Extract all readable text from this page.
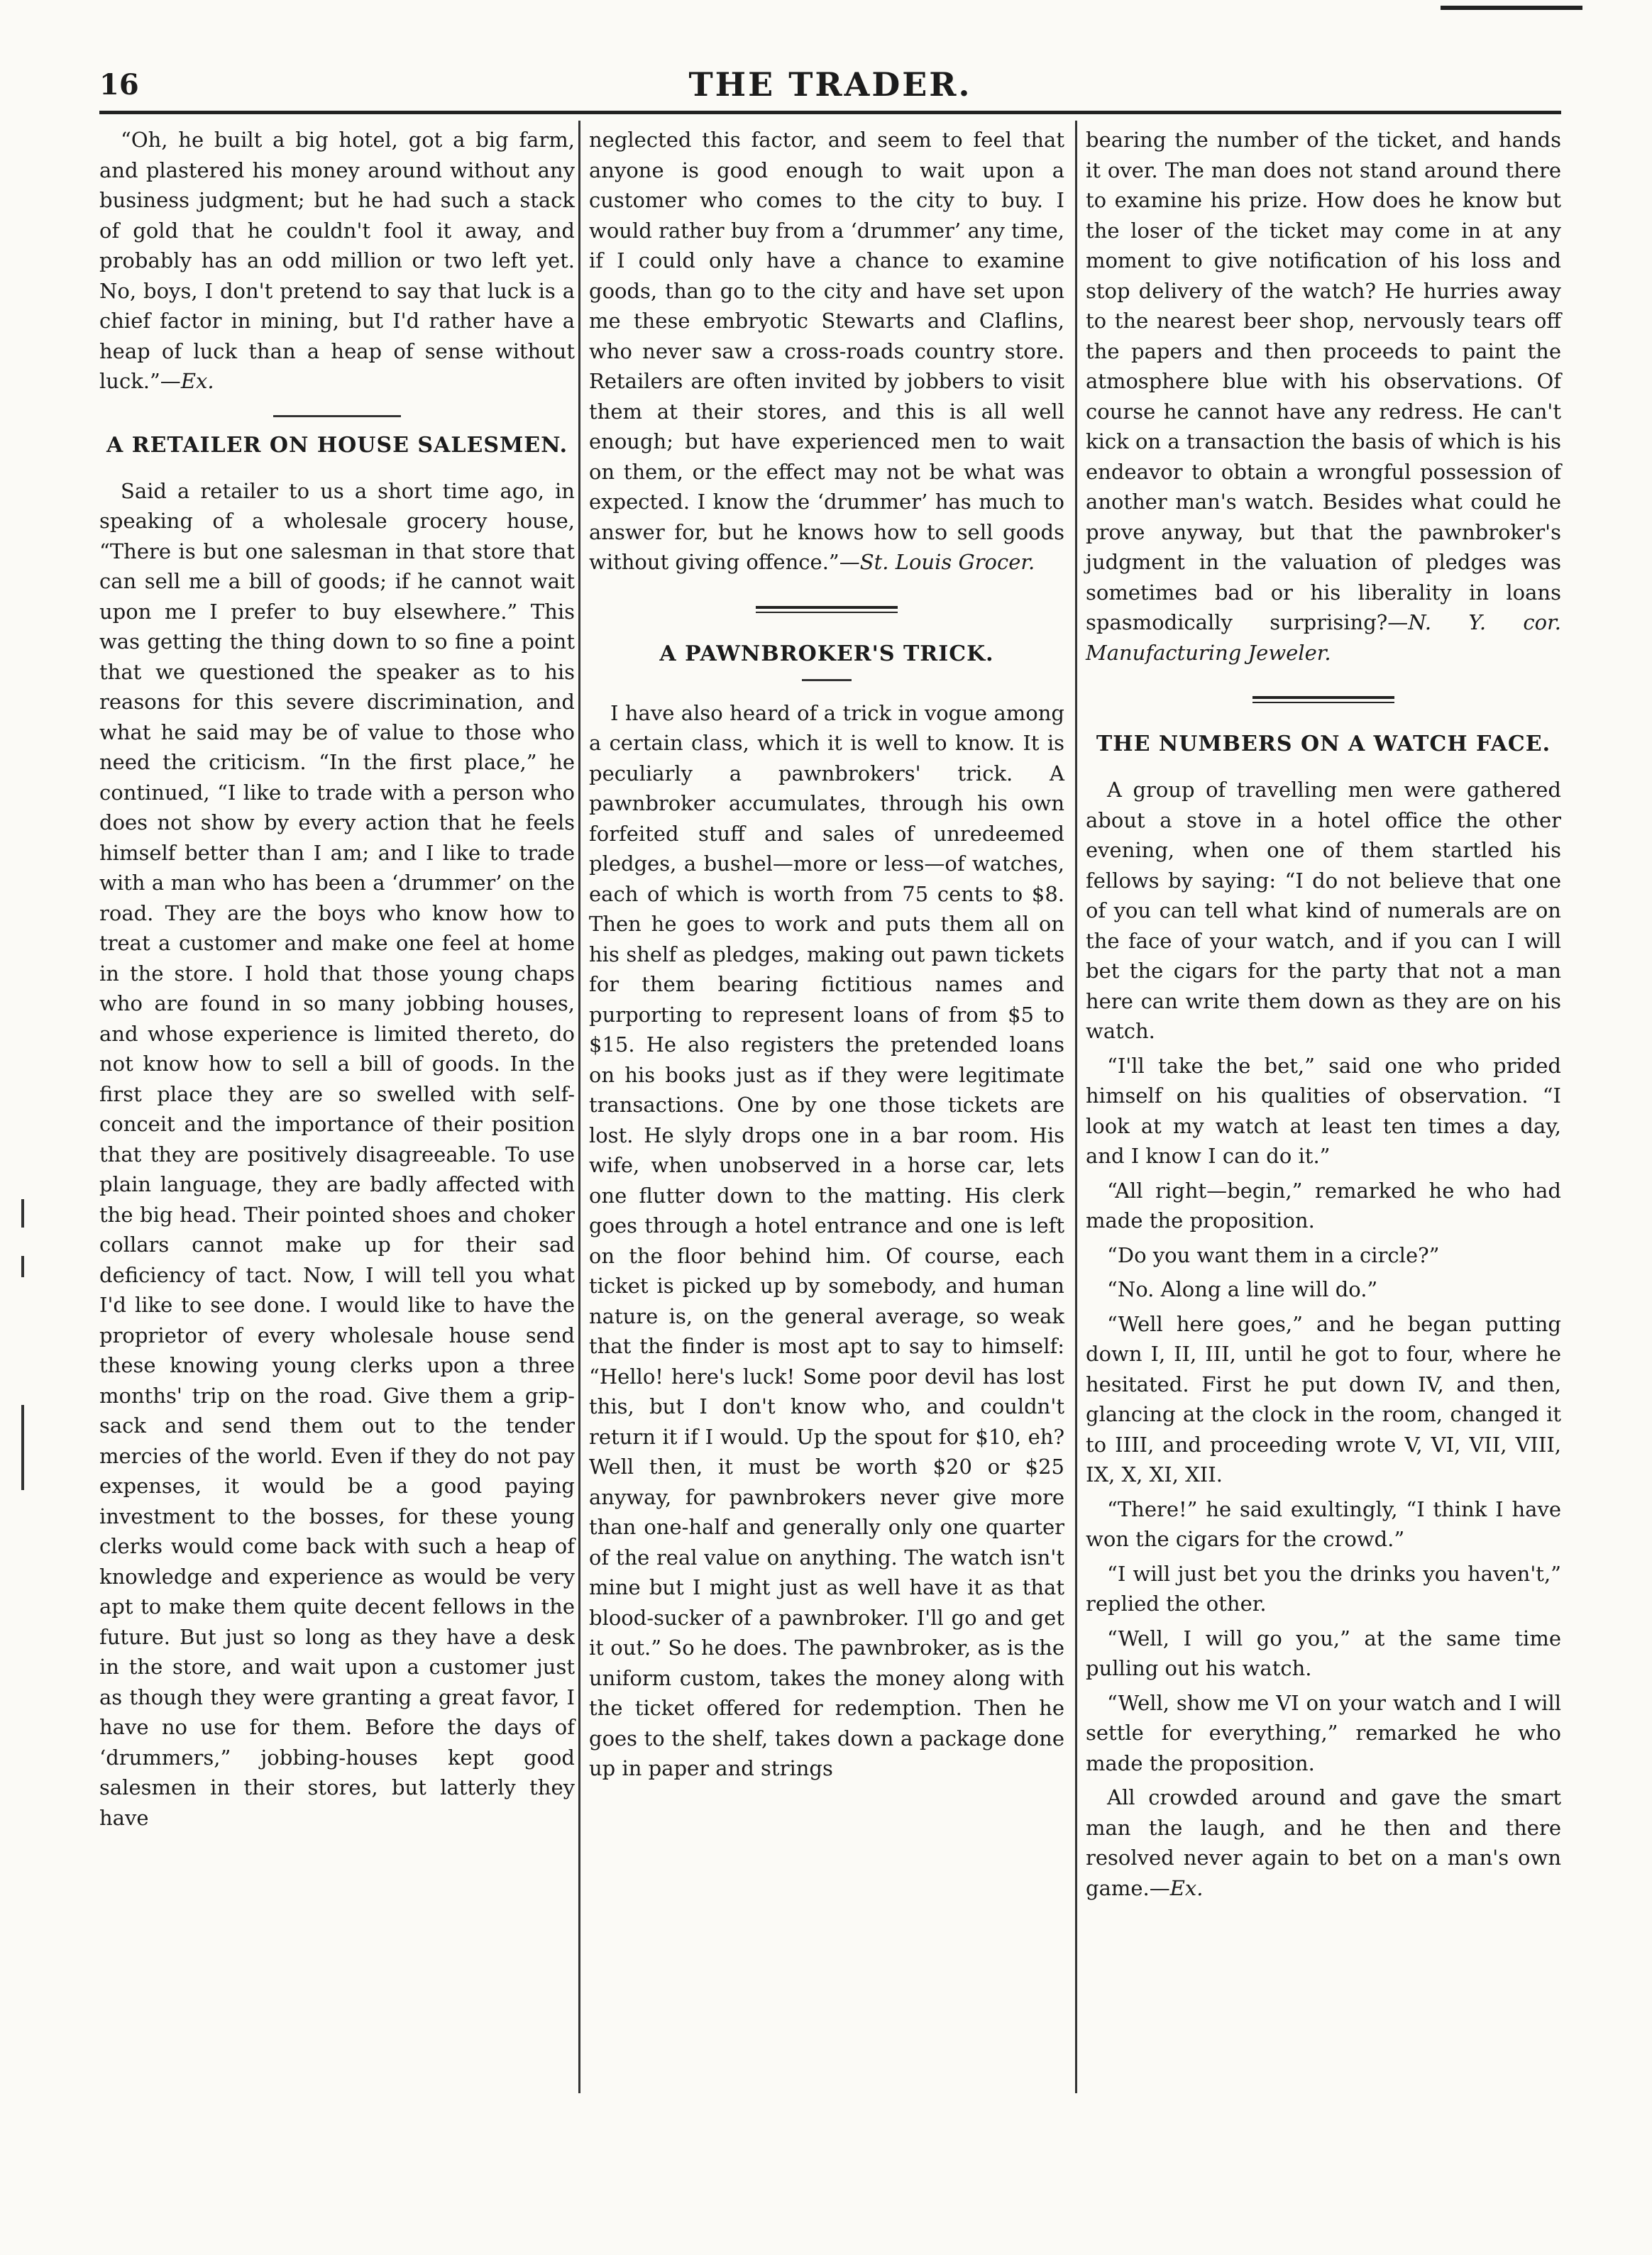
16	THE TRADER.

“Oh, he built a big hotel, got a big farm, and plastered his money around without any business judgment; but he had such a stack of gold that he couldn't fool it away, and probably has an odd million or two left yet. No, boys, I don't pretend to say that luck is a chief factor in mining, but I'd rather have a heap of luck than a heap of sense without luck.”—Ex.

A RETAILER ON HOUSE SALESMEN.

Said a retailer to us a short time ago, in speaking of a wholesale grocery house, “There is but one salesman in that store that can sell me a bill of goods; if he cannot wait upon me I prefer to buy elsewhere.” This was getting the thing down to so fine a point that we questioned the speaker as to his reasons for this severe discrimination, and what he said may be of value to those who need the criticism. “In the first place,” he continued, “I like to trade with a person who does not show by every action that he feels himself better than I am; and I like to trade with a man who has been a ‘drummer’ on the road. They are the boys who know how to treat a customer and make one feel at home in the store. I hold that those young chaps who are found in so many jobbing houses, and whose experience is limited thereto, do not know how to sell a bill of goods. In the first place they are so swelled with self-conceit and the importance of their position that they are positively disagreeable. To use plain language, they are badly affected with the big head. Their pointed shoes and choker collars cannot make up for their sad deficiency of tact. Now, I will tell you what I'd like to see done. I would like to have the proprietor of every wholesale house send these knowing young clerks upon a three months' trip on the road. Give them a grip-sack and send them out to the tender mercies of the world. Even if they do not pay expenses, it would be a good paying investment to the bosses, for these young clerks would come back with such a heap of knowledge and experience as would be very apt to make them quite decent fellows in the future. But just so long as they have a desk in the store, and wait upon a customer just as though they were granting a great favor, I have no use for them. Before the days of ‘drummers,” jobbing-houses kept good salesmen in their stores, but latterly they have

neglected this factor, and seem to feel that anyone is good enough to wait upon a customer who comes to the city to buy. I would rather buy from a ‘drummer’ any time, if I could only have a chance to examine goods, than go to the city and have set upon me these embryotic Stewarts and Claflins, who never saw a cross-roads country store. Retailers are often invited by jobbers to visit them at their stores, and this is all well enough; but have experienced men to wait on them, or the effect may not be what was expected. I know the ‘drummer’ has much to answer for, but he knows how to sell goods without giving offence.”—St. Louis Grocer.

A PAWNBROKER'S TRICK.

I have also heard of a trick in vogue among a certain class, which it is well to know. It is peculiarly a pawnbrokers' trick. A pawnbroker accumulates, through his own forfeited stuff and sales of unredeemed pledges, a bushel—more or less—of watches, each of which is worth from 75 cents to $8. Then he goes to work and puts them all on his shelf as pledges, making out pawn tickets for them bearing fictitious names and purporting to represent loans of from $5 to $15. He also registers the pretended loans on his books just as if they were legitimate transactions. One by one those tickets are lost. He slyly drops one in a bar room. His wife, when unobserved in a horse car, lets one flutter down to the matting. His clerk goes through a hotel entrance and one is left on the floor behind him. Of course, each ticket is picked up by somebody, and human nature is, on the general average, so weak that the finder is most apt to say to himself: “Hello! here's luck! Some poor devil has lost this, but I don't know who, and couldn't return it if I would. Up the spout for $10, eh? Well then, it must be worth $20 or $25 anyway, for pawnbrokers never give more than one-half and generally only one quarter of the real value on anything. The watch isn't mine but I might just as well have it as that blood-sucker of a pawnbroker. I'll go and get it out.” So he does. The pawnbroker, as is the uniform custom, takes the money along with the ticket offered for redemption. Then he goes to the shelf, takes down a package done up in paper and strings

bearing the number of the ticket, and hands it over. The man does not stand around there to examine his prize. How does he know but the loser of the ticket may come in at any moment to give notification of his loss and stop delivery of the watch? He hurries away to the nearest beer shop, nervously tears off the papers and then proceeds to paint the atmosphere blue with his observations. Of course he cannot have any redress. He can't kick on a transaction the basis of which is his endeavor to obtain a wrongful possession of another man's watch. Besides what could he prove anyway, but that the pawnbroker's judgment in the valuation of pledges was sometimes bad or his liberality in loans spasmodically surprising?—N. Y. cor. Manufacturing Jeweler.

THE NUMBERS ON A WATCH FACE.

A group of travelling men were gathered about a stove in a hotel office the other evening, when one of them startled his fellows by saying: “I do not believe that one of you can tell what kind of numerals are on the face of your watch, and if you can I will bet the cigars for the party that not a man here can write them down as they are on his watch.

“I'll take the bet,” said one who prided himself on his qualities of observation. “I look at my watch at least ten times a day, and I know I can do it.”

“All right—begin,” remarked he who had made the proposition.

“Do you want them in a circle?”

“No. Along a line will do.”

“Well here goes,” and he began putting down I, II, III, until he got to four, where he hesitated. First he put down IV, and then, glancing at the clock in the room, changed it to IIII, and proceeding wrote V, VI, VII, VIII, IX, X, XI, XII.

“There!” he said exultingly, “I think I have won the cigars for the crowd.”

“I will just bet you the drinks you haven't,” replied the other.

“Well, I will go you,” at the same time pulling out his watch.

“Well, show me VI on your watch and I will settle for everything,” remarked he who made the proposition.

All crowded around and gave the smart man the laugh, and he then and there resolved never again to bet on a man's own game.—Ex.
